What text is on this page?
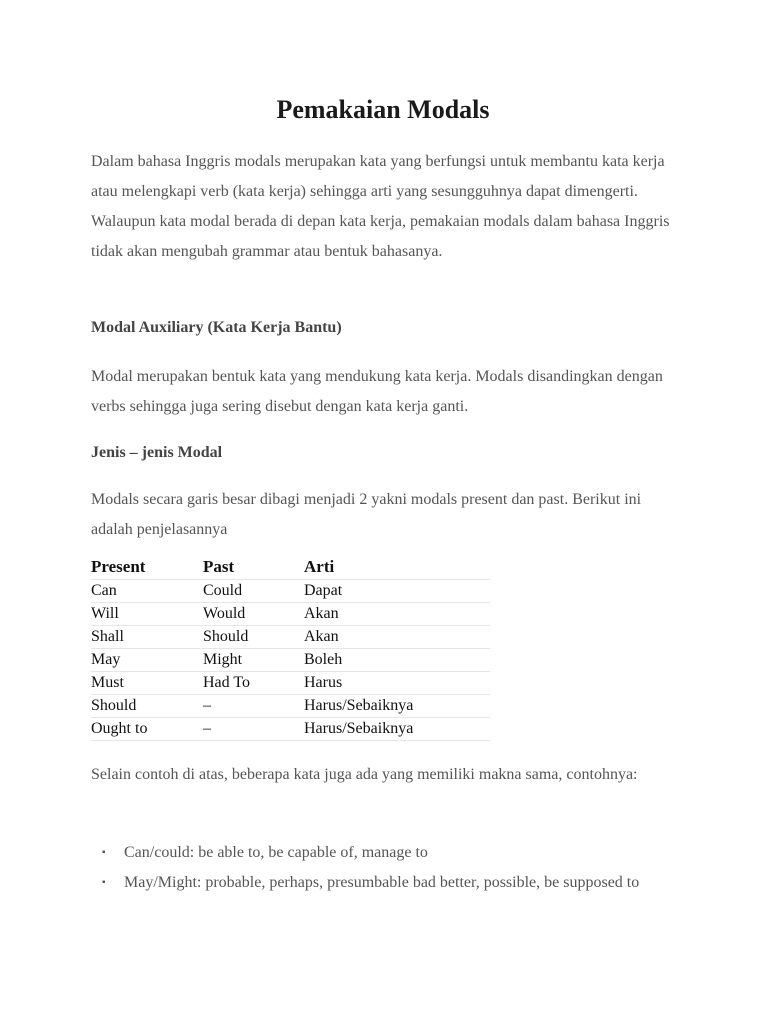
Pemakaian Modals

Dalam bahasa Inggris modals merupakan kata yang berfungsi untuk membantu kata kerja atau melengkapi verb (kata kerja) sehingga arti yang sesungguhnya dapat dimengerti. Walaupun kata modal berada di depan kata kerja, pemakaian modals dalam bahasa Inggris tidak akan mengubah grammar atau bentuk bahasanya.

Modal Auxiliary (Kata Kerja Bantu)

Modal merupakan bentuk kata yang mendukung kata kerja. Modals disandingkan dengan verbs sehingga juga sering disebut dengan kata kerja ganti.

Jenis – jenis Modal

Modals secara garis besar dibagi menjadi 2 yakni modals present dan past. Berikut ini adalah penjelasannya

Present	Past	Arti
Can	Could	Dapat
Will	Would	Akan
Shall	Should	Akan
May	Might	Boleh
Must	Had To	Harus
Should	–	Harus/Sebaiknya
Ought to	–	Harus/Sebaiknya

Selain contoh di atas, beberapa kata juga ada yang memiliki makna sama, contohnya:

▪ Can/could: be able to, be capable of, manage to
▪ May/Might: probable, perhaps, presumbable bad better, possible, be supposed to
